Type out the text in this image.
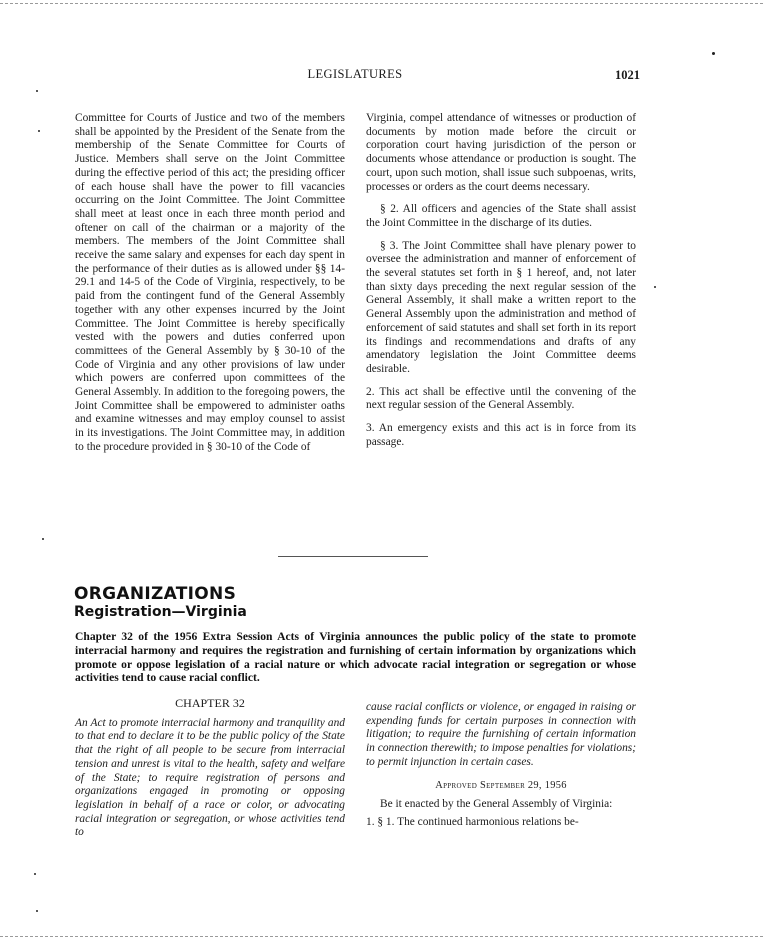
LEGISLATURES	1021

Committee for Courts of Justice and two of the members shall be appointed by the President of the Senate from the membership of the Senate Committee for Courts of Justice. Members shall serve on the Joint Committee during the effective period of this act; the presiding officer of each house shall have the power to fill vacancies occurring on the Joint Committee. The Joint Committee shall meet at least once in each three month period and oftener on call of the chairman or a majority of the members. The members of the Joint Committee shall receive the same salary and expenses for each day spent in the performance of their duties as is allowed under §§ 14-29.1 and 14-5 of the Code of Virginia, respectively, to be paid from the contingent fund of the General Assembly together with any other expenses incurred by the Joint Committee. The Joint Committee is hereby specifically vested with the powers and duties conferred upon committees of the General Assembly by § 30-10 of the Code of Virginia and any other provisions of law under which powers are conferred upon committees of the General Assembly. In addition to the foregoing powers, the Joint Committee shall be empowered to administer oaths and examine witnesses and may employ counsel to assist in its investigations. The Joint Committee may, in addition to the procedure provided in § 30-10 of the Code of

Virginia, compel attendance of witnesses or production of documents by motion made before the circuit or corporation court having jurisdiction of the person or documents whose attendance or production is sought. The court, upon such motion, shall issue such subpoenas, writs, processes or orders as the court deems necessary.

§ 2. All officers and agencies of the State shall assist the Joint Committee in the discharge of its duties.

§ 3. The Joint Committee shall have plenary power to oversee the administration and manner of enforcement of the several statutes set forth in § 1 hereof, and, not later than sixty days preceding the next regular session of the General Assembly, it shall make a written report to the General Assembly upon the administration and method of enforcement of said statutes and shall set forth in its report its findings and recommendations and drafts of any amendatory legislation the Joint Committee deems desirable.

2. This act shall be effective until the convening of the next regular session of the General Assembly.

3. An emergency exists and this act is in force from its passage.

ORGANIZATIONS
Registration—Virginia
Chapter 32 of the 1956 Extra Session Acts of Virginia announces the public policy of the state to promote interracial harmony and requires the registration and furnishing of certain information by organizations which promote or oppose legislation of a racial nature or which advocate racial integration or segregation or whose activities tend to cause racial conflict.

CHAPTER 32

An Act to promote interracial harmony and tranquility and to that end to declare it to be the public policy of the State that the right of all people to be secure from interracial tension and unrest is vital to the health, safety and welfare of the State; to require registration of persons and organizations engaged in promoting or opposing legislation in behalf of a race or color, or advocating racial integration or segregation, or whose activities tend to

cause racial conflicts or violence, or engaged in raising or expending funds for certain purposes in connection with litigation; to require the furnishing of certain information in connection therewith; to impose penalties for violations; to permit injunction in certain cases.

Approved September 29, 1956

Be it enacted by the General Assembly of Virginia:

1. § 1. The continued harmonious relations be-
